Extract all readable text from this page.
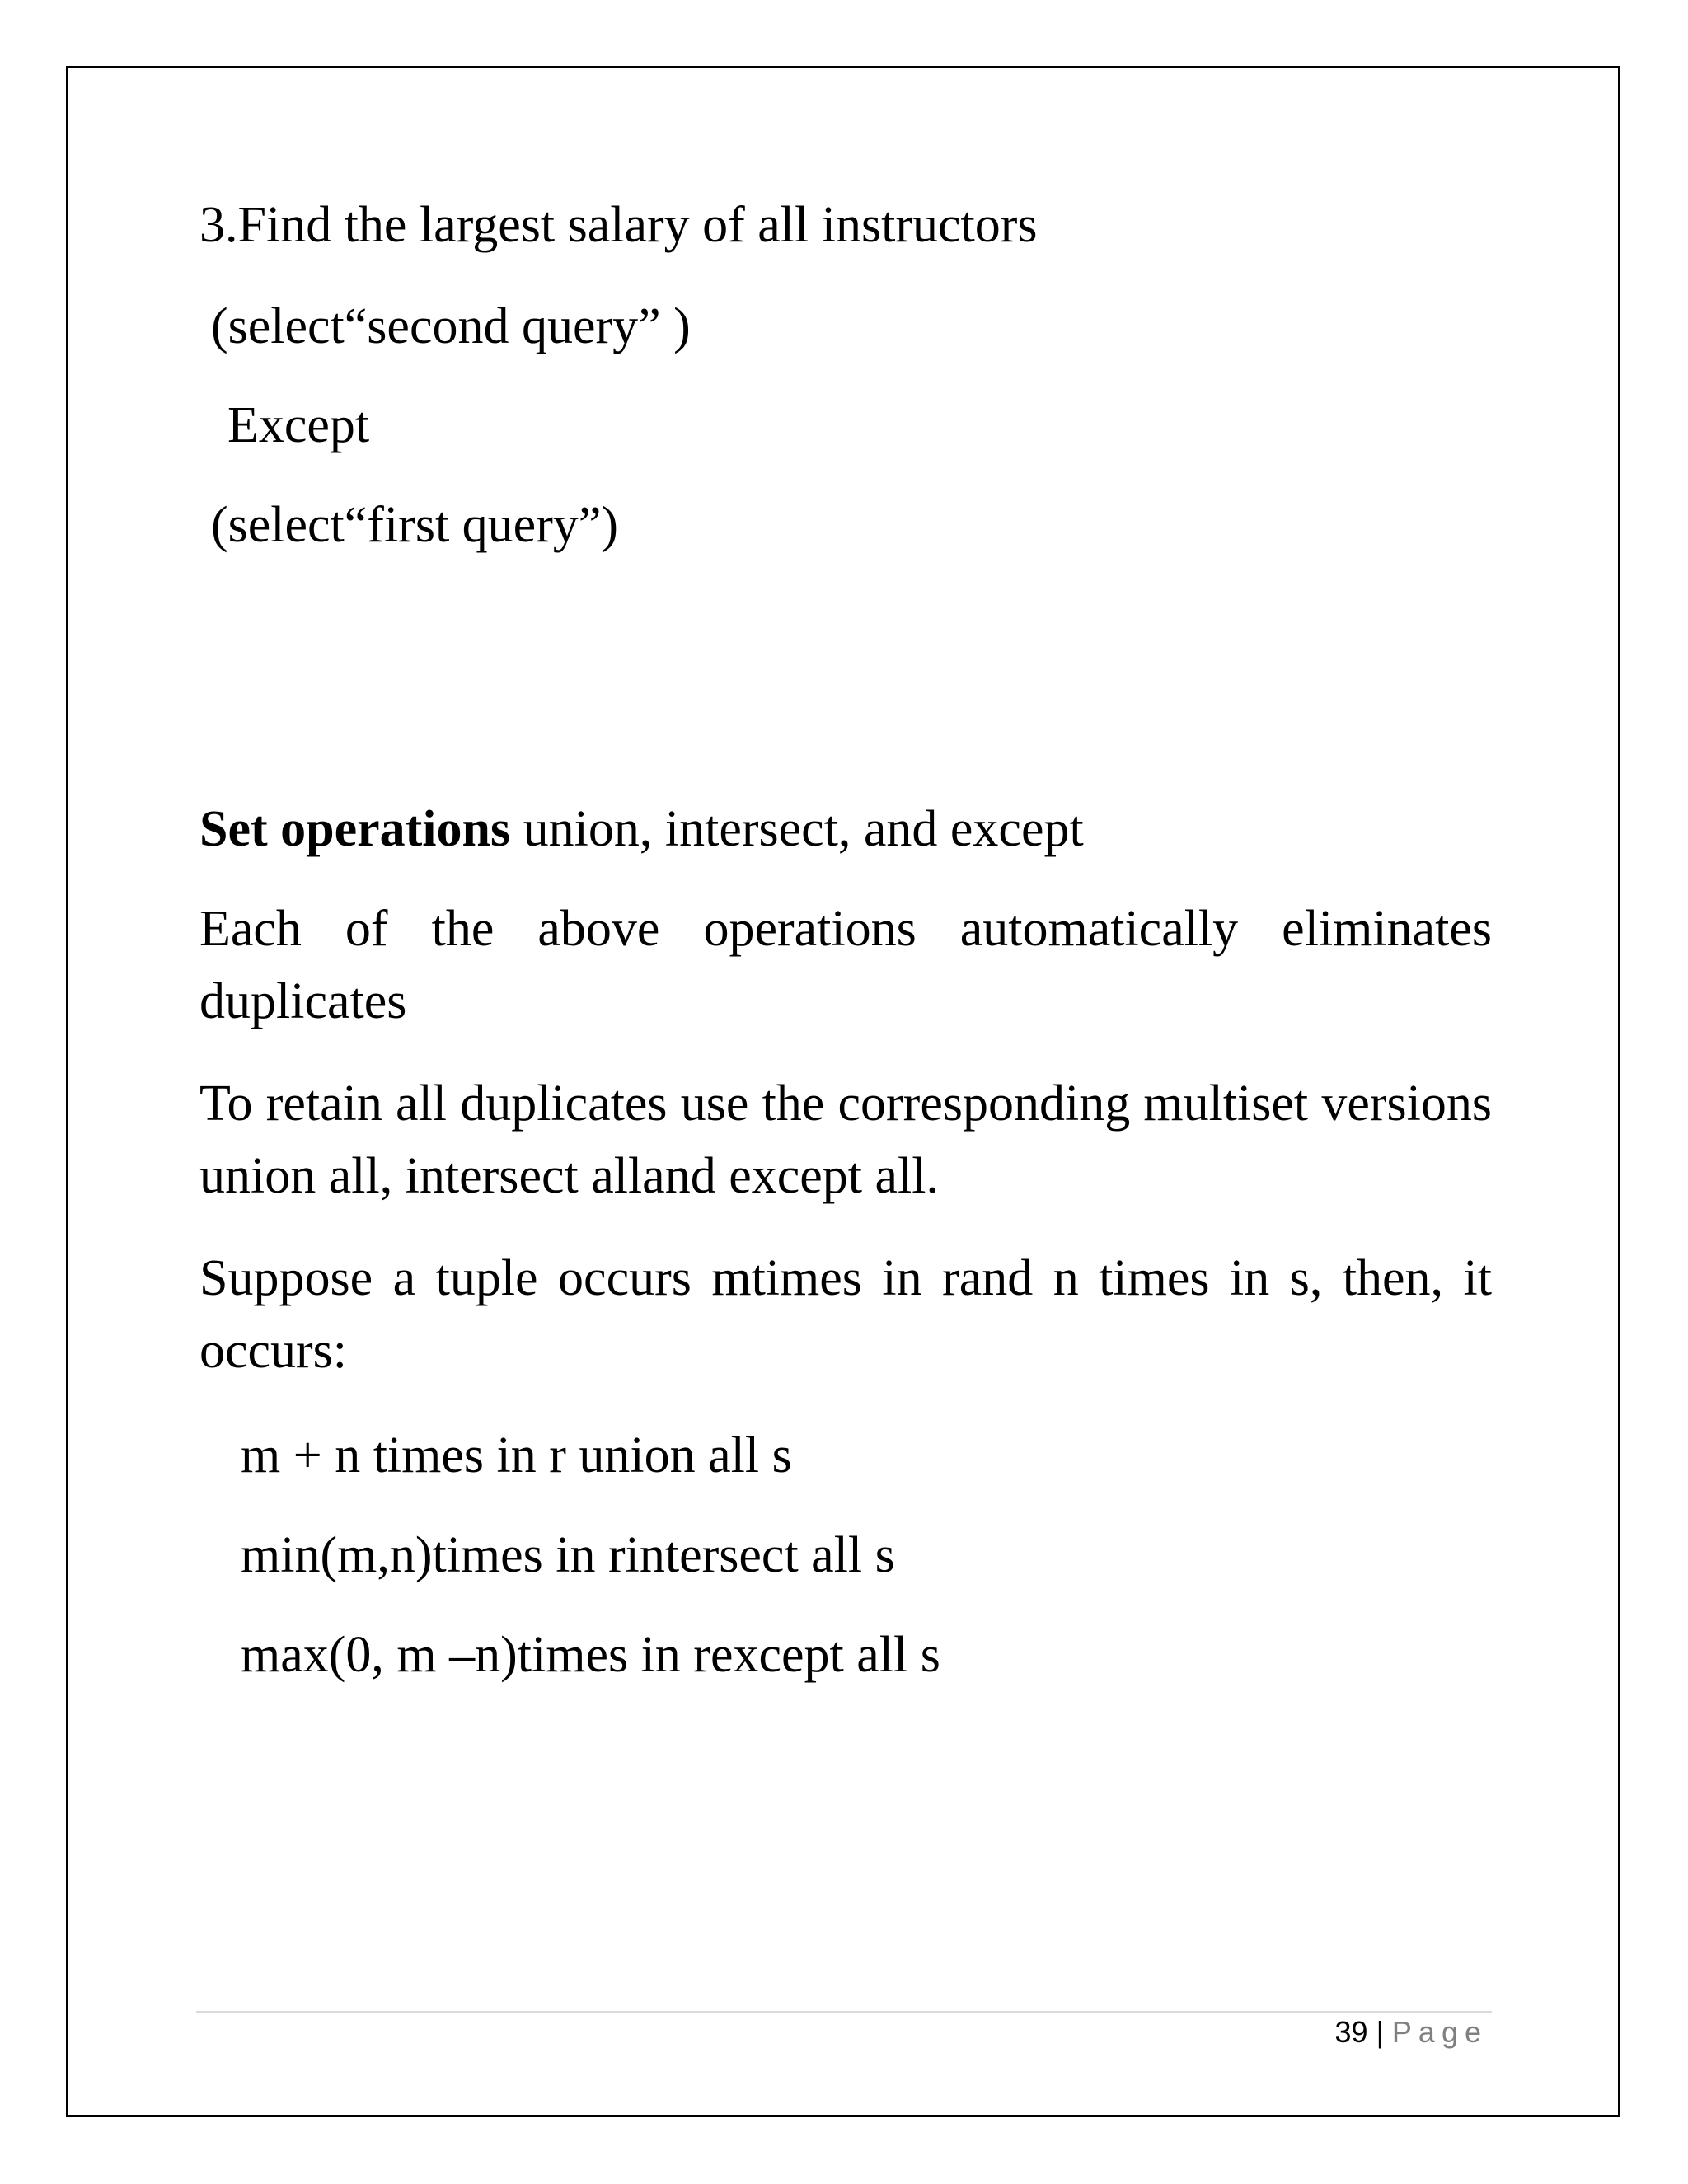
3.Find the largest salary of all instructors
(select“second query” )
Except
(select“first query”)
Set operations union, intersect, and except
Each of the above operations automatically eliminates duplicates
To retain all duplicates use the corresponding multiset versions union all, intersect alland except all.
Suppose a tuple occurs mtimes in rand n times in s, then, it occurs:
m + n times in r union all s
min(m,n)times in rintersect all s
max(0, m –n)times in rexcept all s
39 | Page
